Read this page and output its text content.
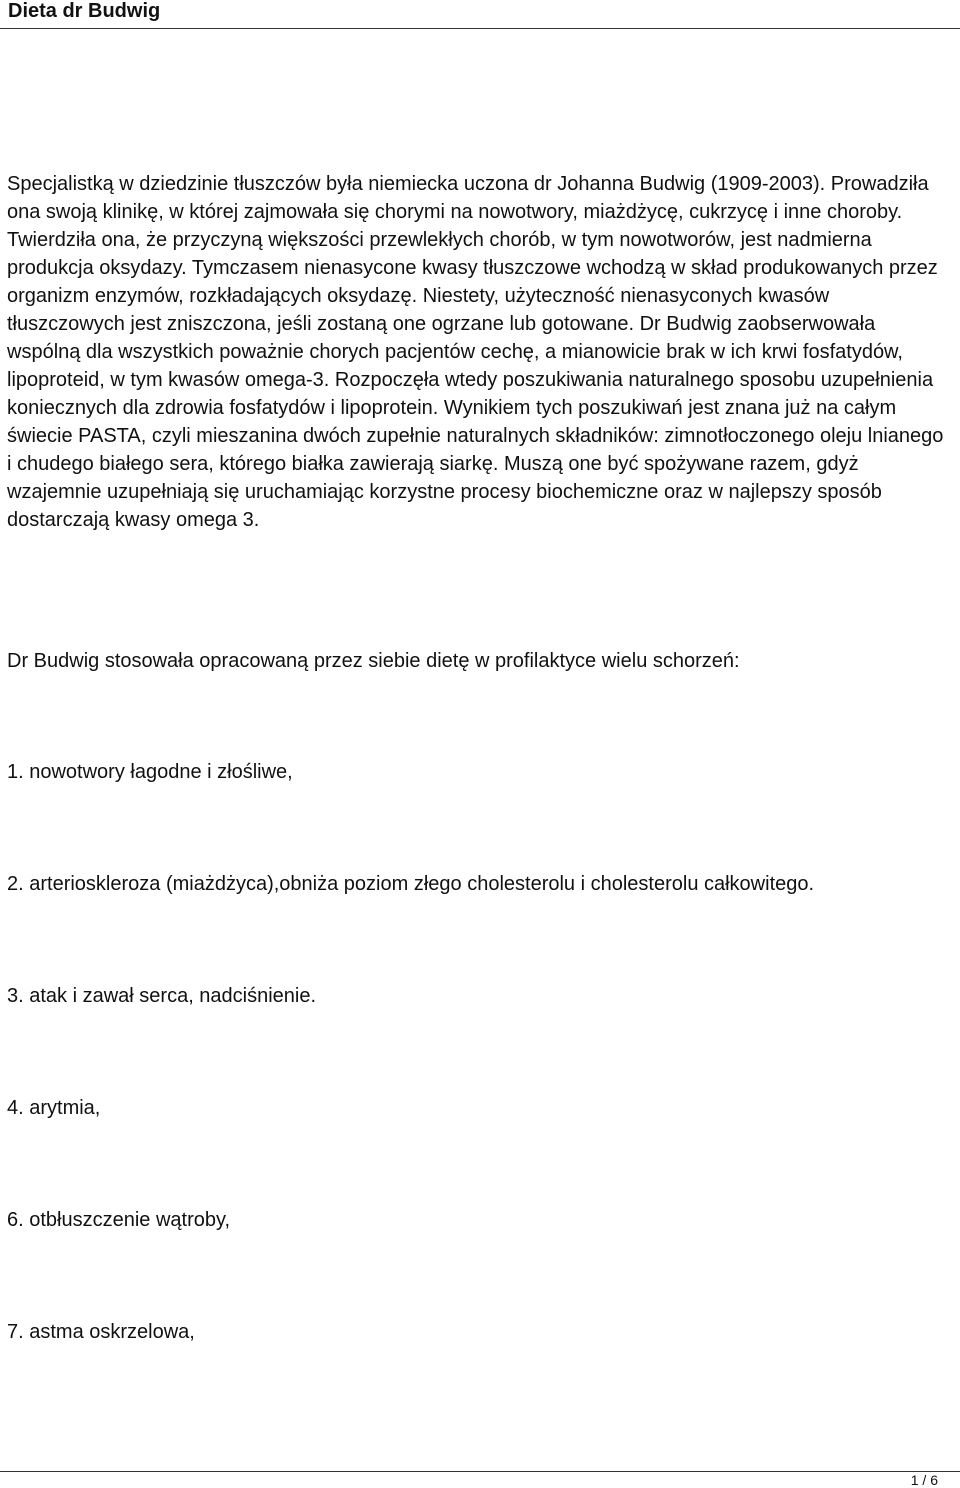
Dieta dr Budwig

Specjalistką w dziedzinie tłuszczów była niemiecka uczona dr Johanna Budwig (1909-2003). Prowadziła ona swoją klinikę, w której zajmowała się chorymi na nowotwory, miażdżycę, cukrzycę i inne choroby. Twierdziła ona, że przyczyną większości przewlekłych chorób, w tym nowotworów, jest nadmierna produkcja oksydazy. Tymczasem nienasycone kwasy tłuszczowe wchodzą w skład produkowanych przez organizm enzymów, rozkładających oksydazę. Niestety, użyteczność nienasyconych kwasów tłuszczowych jest zniszczona, jeśli zostaną one ogrzane lub gotowane. Dr Budwig zaobserwowała wspólną dla wszystkich poważnie chorych pacjentów cechę, a mianowicie brak w ich krwi fosfatydów, lipoproteid, w tym kwasów omega-3. Rozpoczęła wtedy poszukiwania naturalnego sposobu uzupełnienia koniecznych dla zdrowia fosfatydów i lipoprotein. Wynikiem tych poszukiwań jest znana już na całym świecie PASTA, czyli mieszanina dwóch zupełnie naturalnych składników: zimnotłoczonego oleju lnianego i chudego białego sera, którego białka zawierają siarkę. Muszą one być spożywane razem, gdyż wzajemnie uzupełniają się uruchamiając korzystne procesy biochemiczne oraz w najlepszy sposób dostarczają kwasy omega 3.

Dr Budwig stosowała opracowaną przez siebie dietę w profilaktyce wielu schorzeń:

1. nowotwory łagodne i złośliwe,

2. arterioskleroza (miażdżyca),obniża poziom złego cholesterolu i cholesterolu całkowitego.

3. atak i zawał serca, nadciśnienie.

4. arytmia,

6. otbłuszczenie wątroby,

7. astma oskrzelowa,

1 / 6
